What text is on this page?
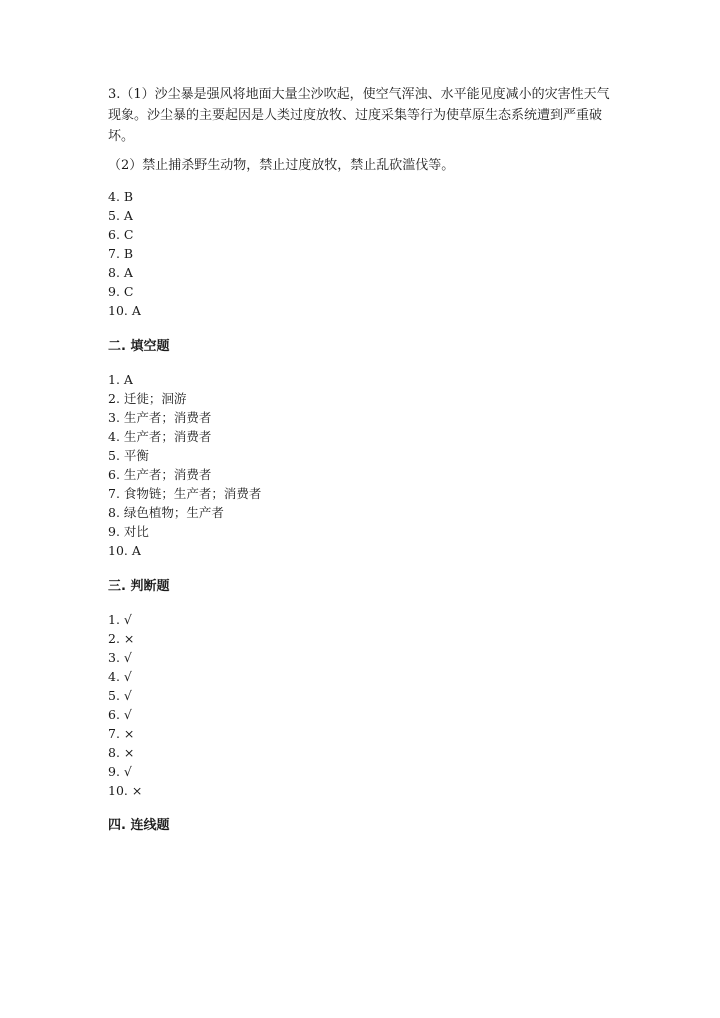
3.（1）沙尘暴是强风将地面大量尘沙吹起，使空气浑浊、水平能见度减小的灾害性天气现象。沙尘暴的主要起因是人类过度放牧、过度采集等行为使草原生态系统遭到严重破坏。

（2）禁止捕杀野生动物，禁止过度放牧，禁止乱砍滥伐等。

4. B
5. A
6. C
7. B
8. A
9. C
10. A
二. 填空题
1. A
2. 迁徙；洄游
3. 生产者；消费者
4. 生产者；消费者
5. 平衡
6. 生产者；消费者
7. 食物链；生产者；消费者
8. 绿色植物；生产者
9. 对比
10. A
三. 判断题
1. √
2. ×
3. √
4. √
5. √
6. √
7. ×
8. ×
9. √
10. ×
四. 连线题
